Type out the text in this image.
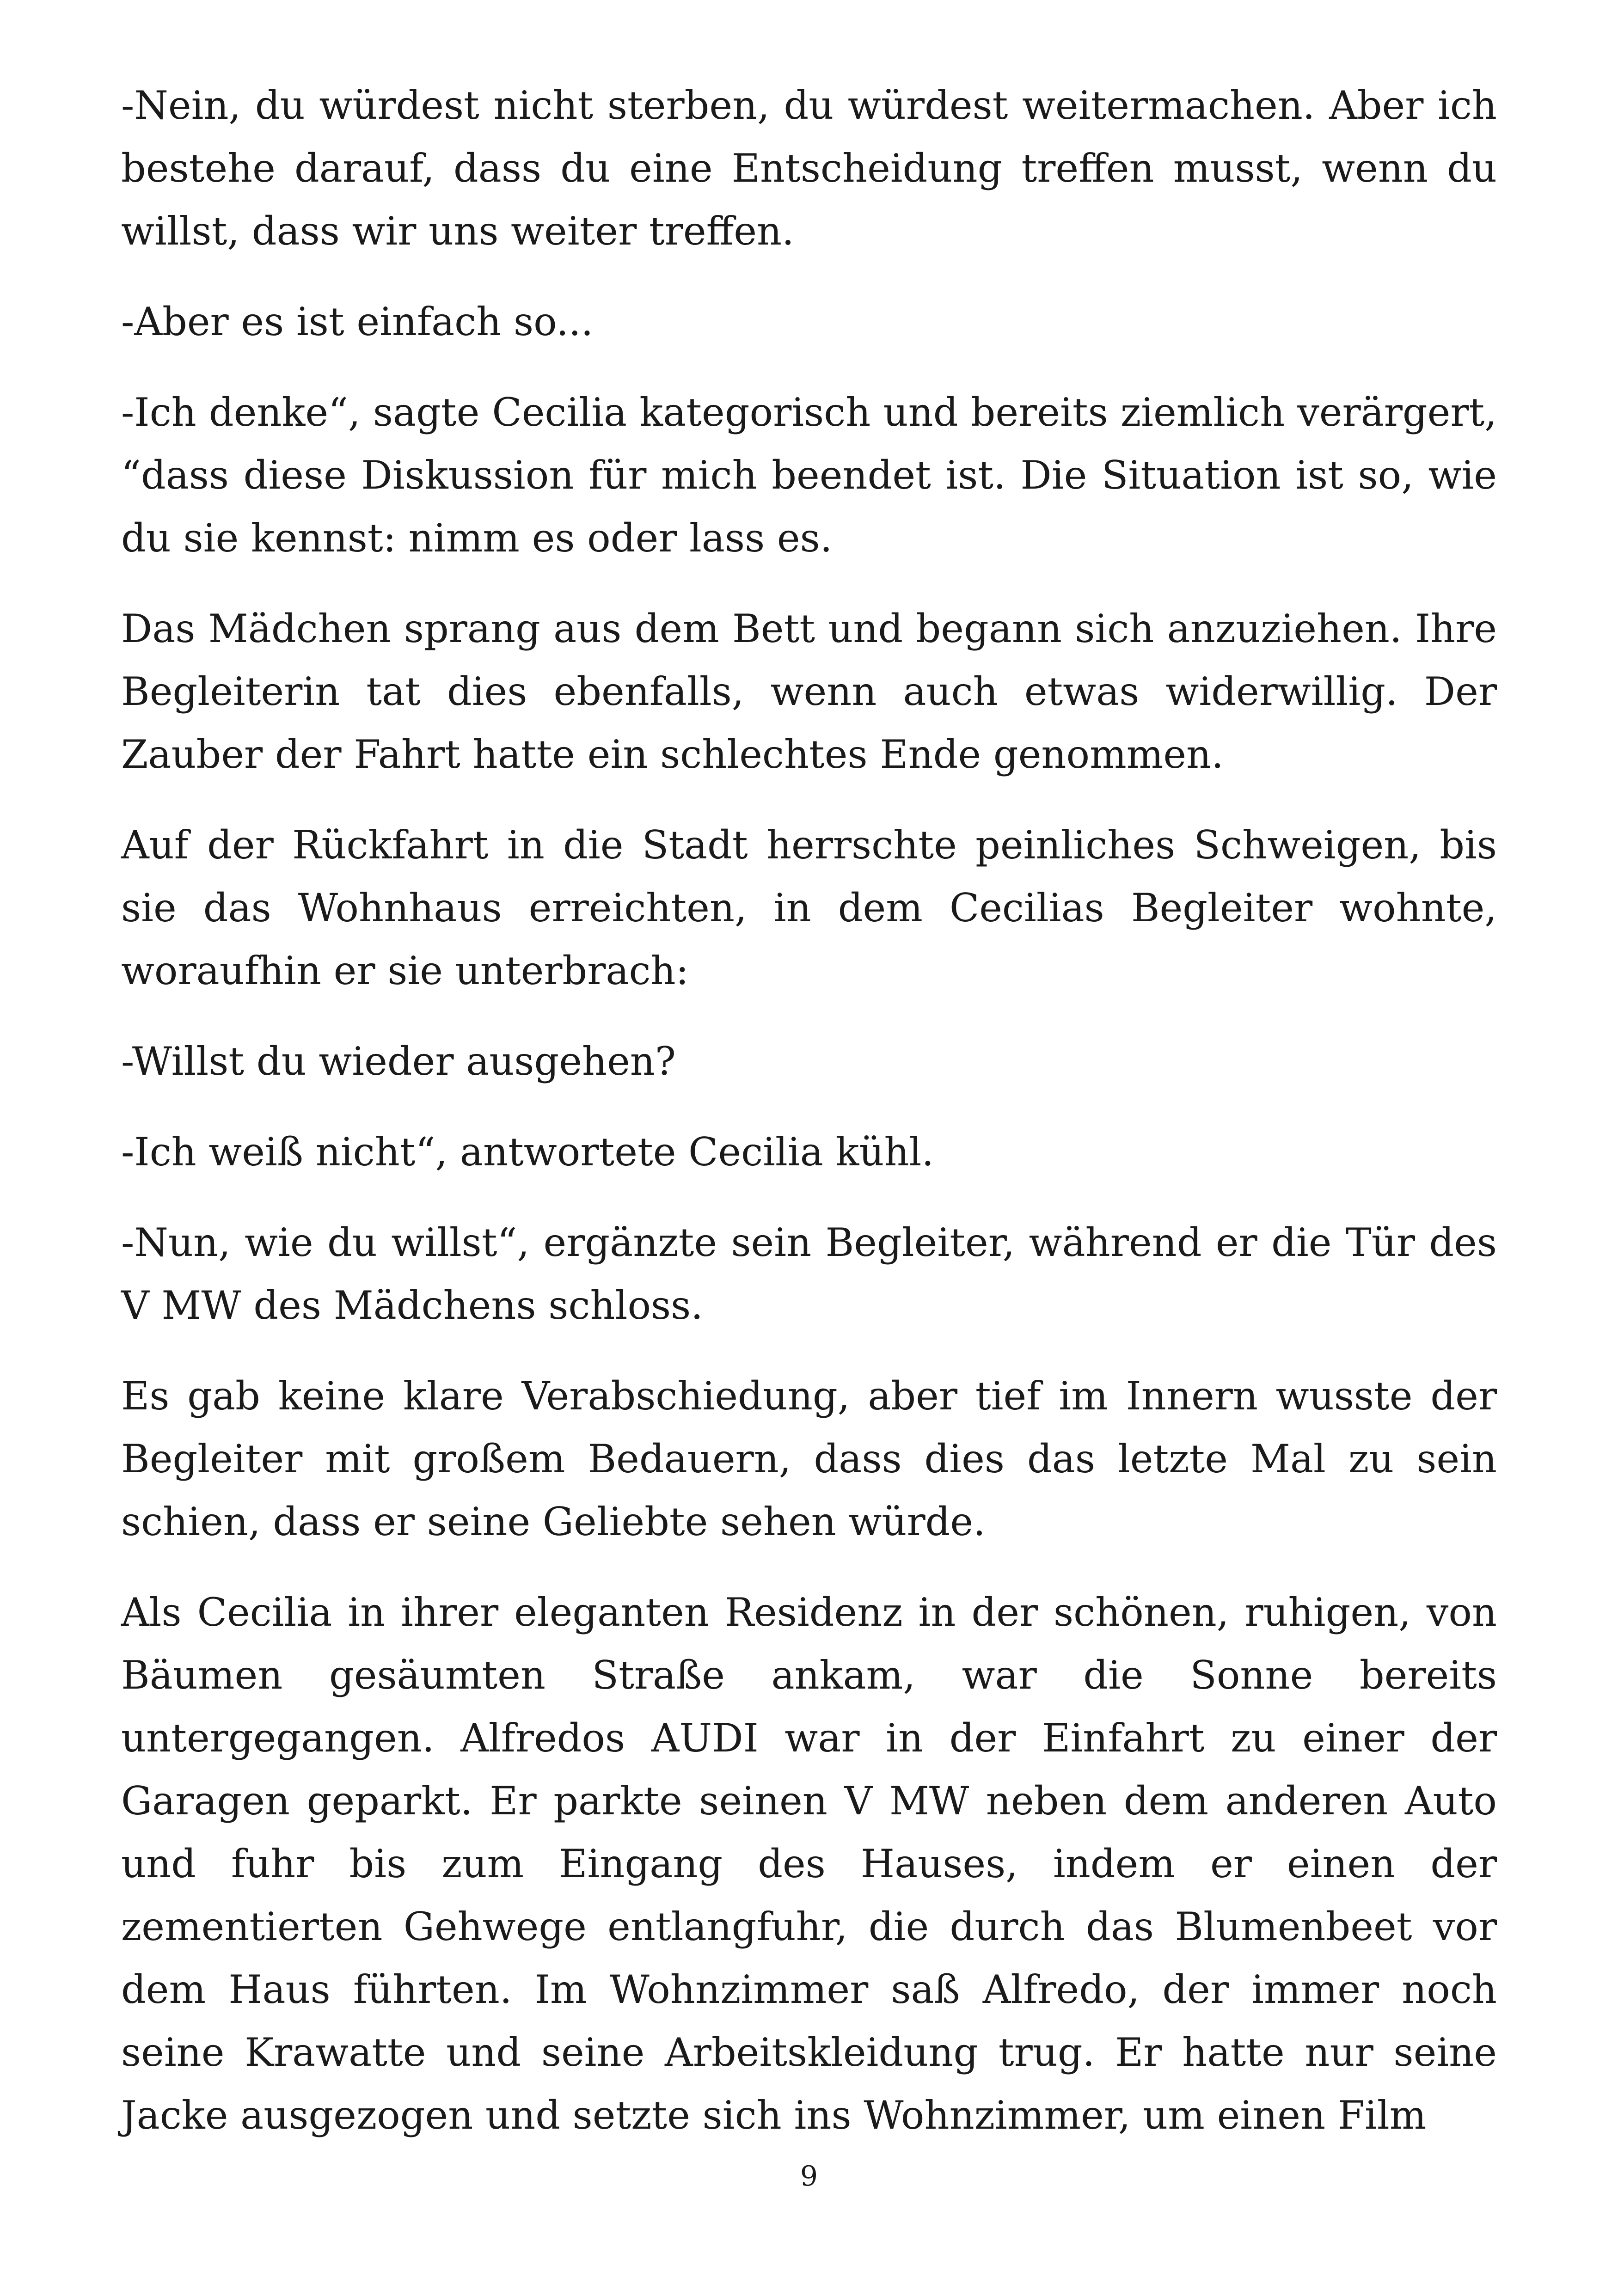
-Nein, du würdest nicht sterben, du würdest weitermachen. Aber ich bestehe darauf, dass du eine Entscheidung treffen musst, wenn du willst, dass wir uns weiter treffen.

-Aber es ist einfach so...

-Ich denke“, sagte Cecilia kategorisch und bereits ziemlich verärgert, “dass diese Diskussion für mich beendet ist. Die Situation ist so, wie du sie kennst: nimm es oder lass es.

Das Mädchen sprang aus dem Bett und begann sich anzuziehen. Ihre Begleiterin tat dies ebenfalls, wenn auch etwas widerwillig. Der Zauber der Fahrt hatte ein schlechtes Ende genommen.

Auf der Rückfahrt in die Stadt herrschte peinliches Schweigen, bis sie das Wohnhaus erreichten, in dem Cecilias Begleiter wohnte, woraufhin er sie unterbrach:

-Willst du wieder ausgehen?

-Ich weiß nicht“, antwortete Cecilia kühl.

-Nun, wie du willst“, ergänzte sein Begleiter, während er die Tür des V MW des Mädchens schloss.

Es gab keine klare Verabschiedung, aber tief im Innern wusste der Begleiter mit großem Bedauern, dass dies das letzte Mal zu sein schien, dass er seine Geliebte sehen würde.

Als Cecilia in ihrer eleganten Residenz in der schönen, ruhigen, von Bäumen gesäumten Straße ankam, war die Sonne bereits untergegangen. Alfredos AUDI war in der Einfahrt zu einer der Garagen geparkt. Er parkte seinen V MW neben dem anderen Auto und fuhr bis zum Eingang des Hauses, indem er einen der zementierten Gehwege entlangfuhr, die durch das Blumenbeet vor dem Haus führten. Im Wohnzimmer saß Alfredo, der immer noch seine Krawatte und seine Arbeitskleidung trug. Er hatte nur seine Jacke ausgezogen und setzte sich ins Wohnzimmer, um einen Film

9
